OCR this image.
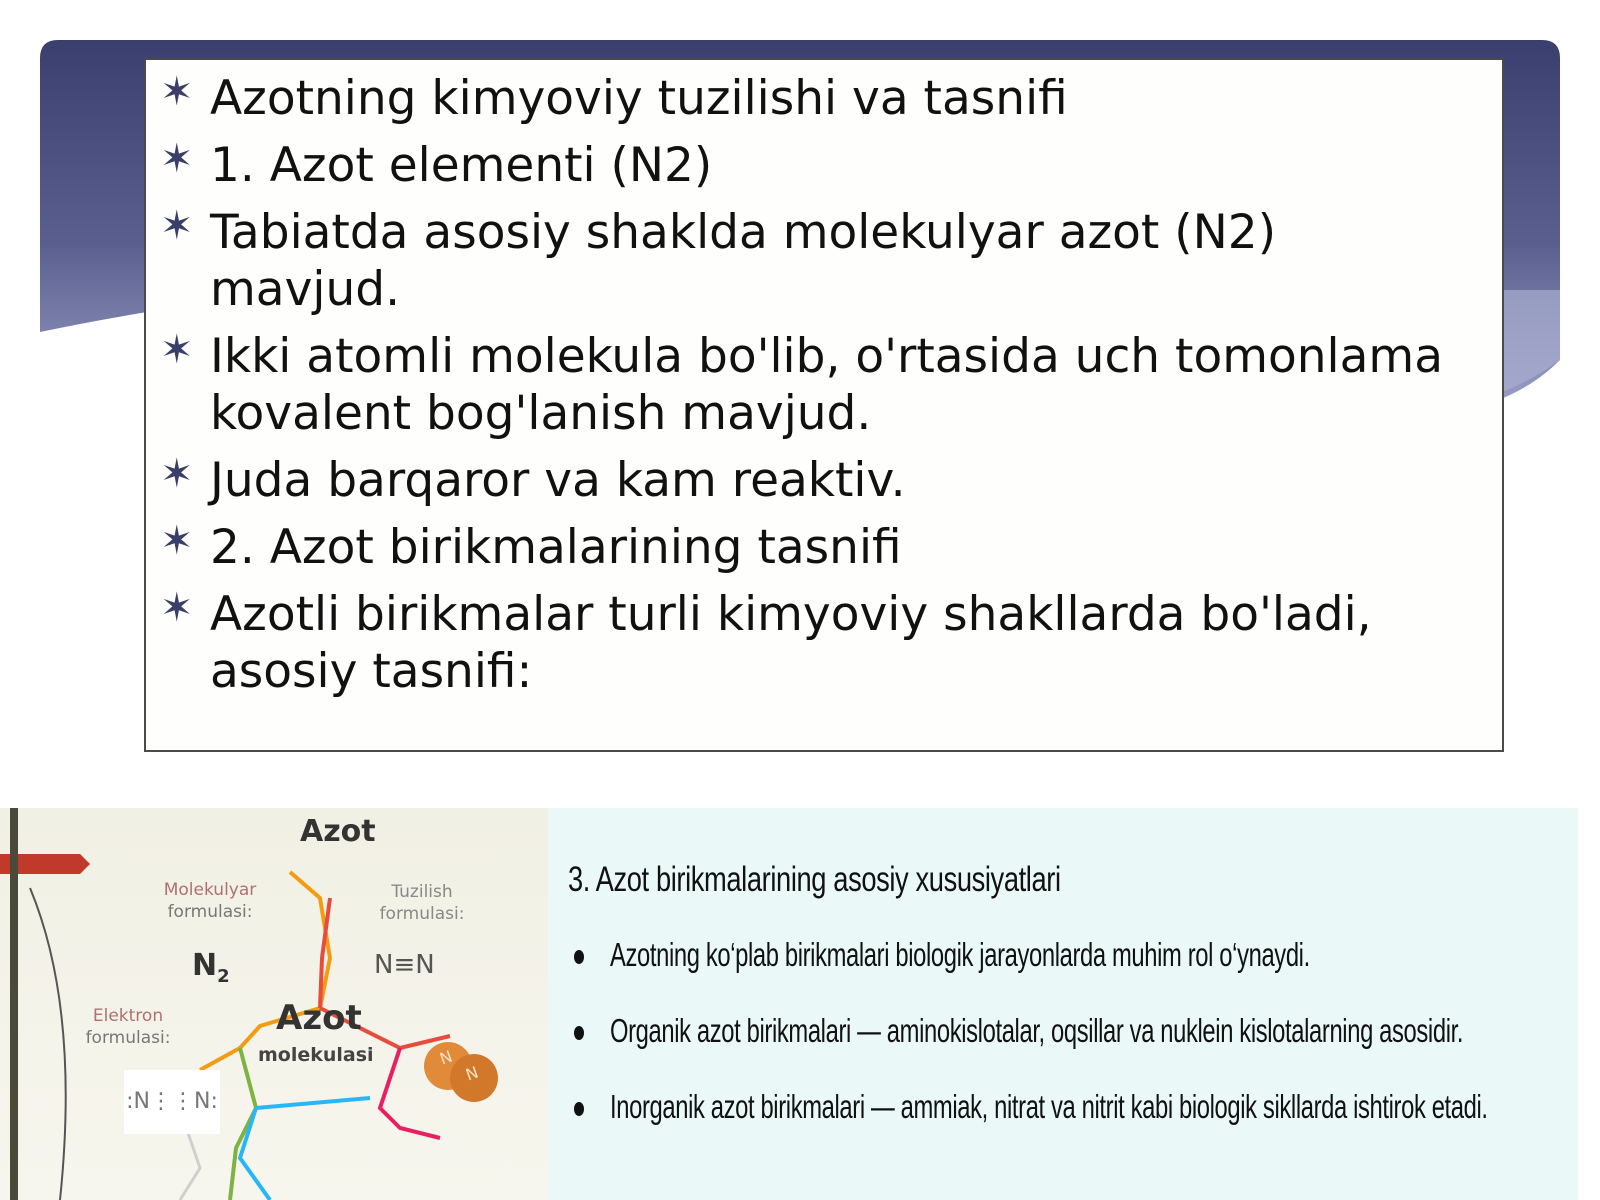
✶ Azotning kimyoviy tuzilishi va tasnifi
✶ 1. Azot elementi (N2)
✶ Tabiatda asosiy shaklda molekulyar azot (N2) mavjud.
✶ Ikki atomli molekula bo'lib, o'rtasida uch tomonlama kovalent bog'lanish mavjud.
✶ Juda barqaror va kam reaktiv.
✶ 2. Azot birikmalarining tasnifi
✶ Azotli birikmalar turli kimyoviy shakllarda bo'ladi, asosiy tasnifi:
Azot
Molekulyar
formulasi:
$N_2$
Tuzilish
formulasi:
N≡N
Azot
molekulasi
Elektron
formulasi:
:N⋮⋮N:
N
N
3. Azot birikmalarining asosiy xususiyatlari
Azotning ko‘plab birikmalari biologik jarayonlarda muhim rol o‘ynaydi.
Organik azot birikmalari — aminokislotalar, oqsillar va nuklein kislotalarning asosidir.
Inorganik azot birikmalari — ammiak, nitrat va nitrit kabi biologik sikllarda ishtirok etadi.
